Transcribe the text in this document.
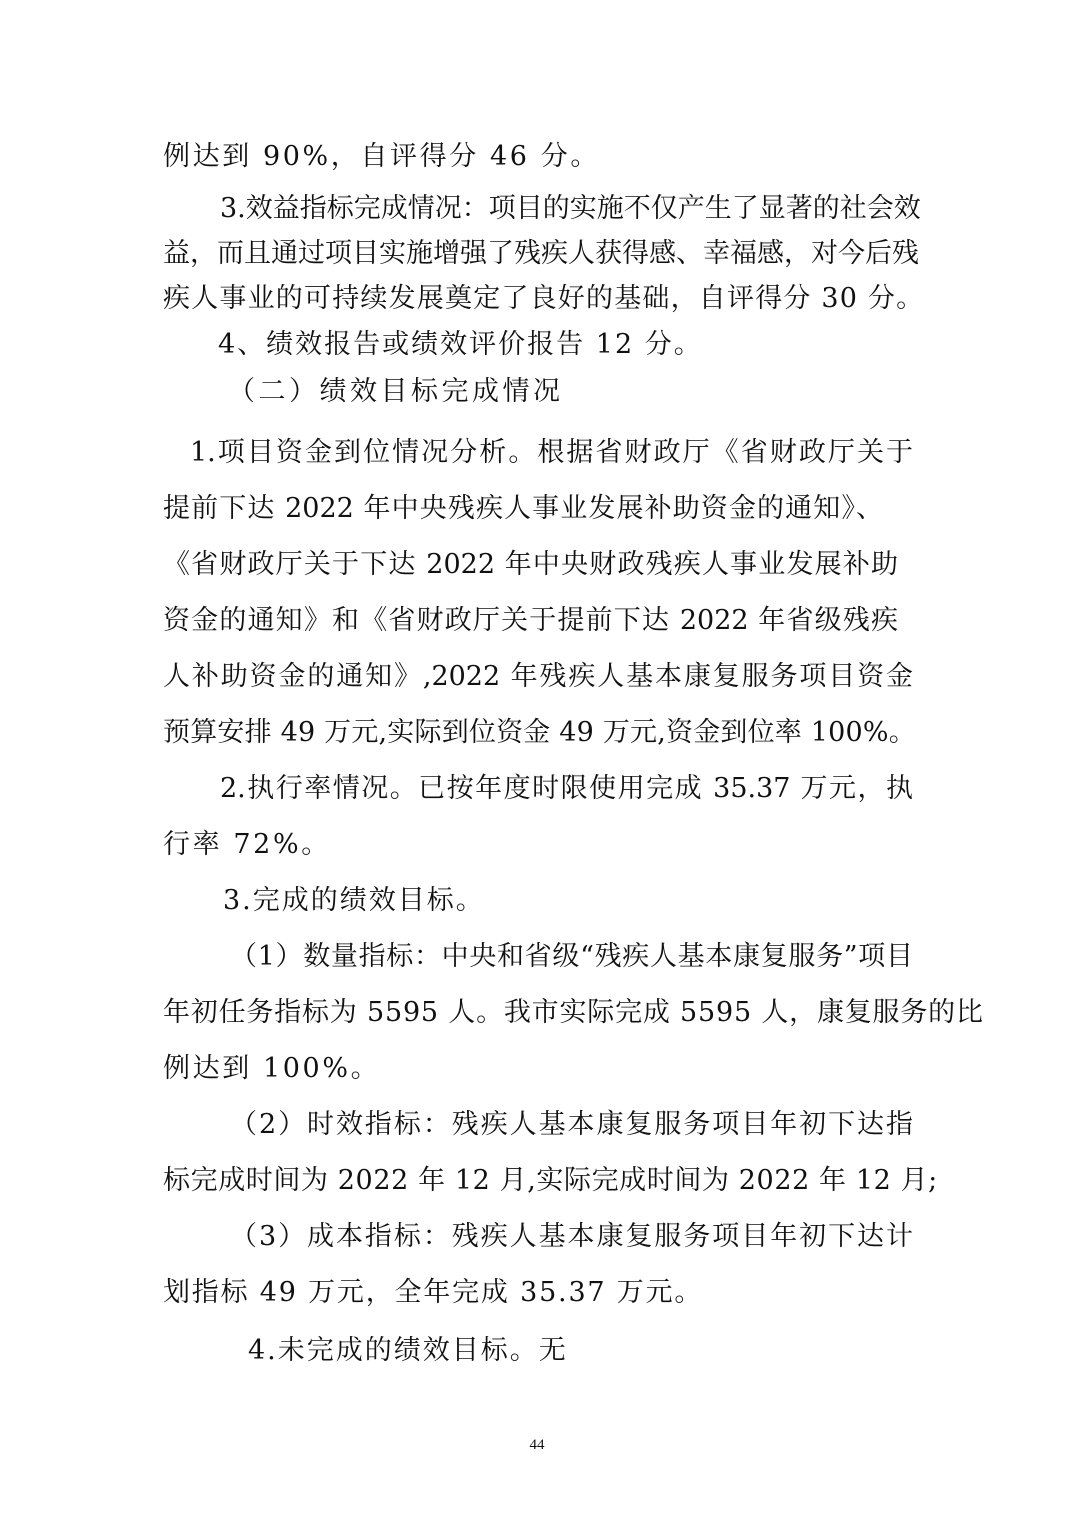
例达到 90%，自评得分 46 分。
3.效益指标完成情况：项目的实施不仅产生了显著的社会效
益，而且通过项目实施增强了残疾人获得感、幸福感，对今后残
疾人事业的可持续发展奠定了良好的基础，自评得分 30 分。
4、绩效报告或绩效评价报告 12 分。
（二）绩效目标完成情况
1.项目资金到位情况分析。根据省财政厅《省财政厅关于
提前下达 2022 年中央残疾人事业发展补助资金的通知》、
《省财政厅关于下达 2022 年中央财政残疾人事业发展补助
资金的通知》和《省财政厅关于提前下达 2022 年省级残疾
人补助资金的通知》,2022 年残疾人基本康复服务项目资金
预算安排 49 万元,实际到位资金 49 万元,资金到位率 100%。
2.执行率情况。已按年度时限使用完成 35.37 万元，执
行率 72%。
3.完成的绩效目标。
（1）数量指标：中央和省级“残疾人基本康复服务”项目
年初任务指标为 5595 人。我市实际完成 5595 人，康复服务的比
例达到 100%。
（2）时效指标：残疾人基本康复服务项目年初下达指
标完成时间为 2022 年 12 月,实际完成时间为 2022 年 12 月;
（3）成本指标：残疾人基本康复服务项目年初下达计
划指标 49 万元，全年完成 35.37 万元。
4.未完成的绩效目标。无
44
